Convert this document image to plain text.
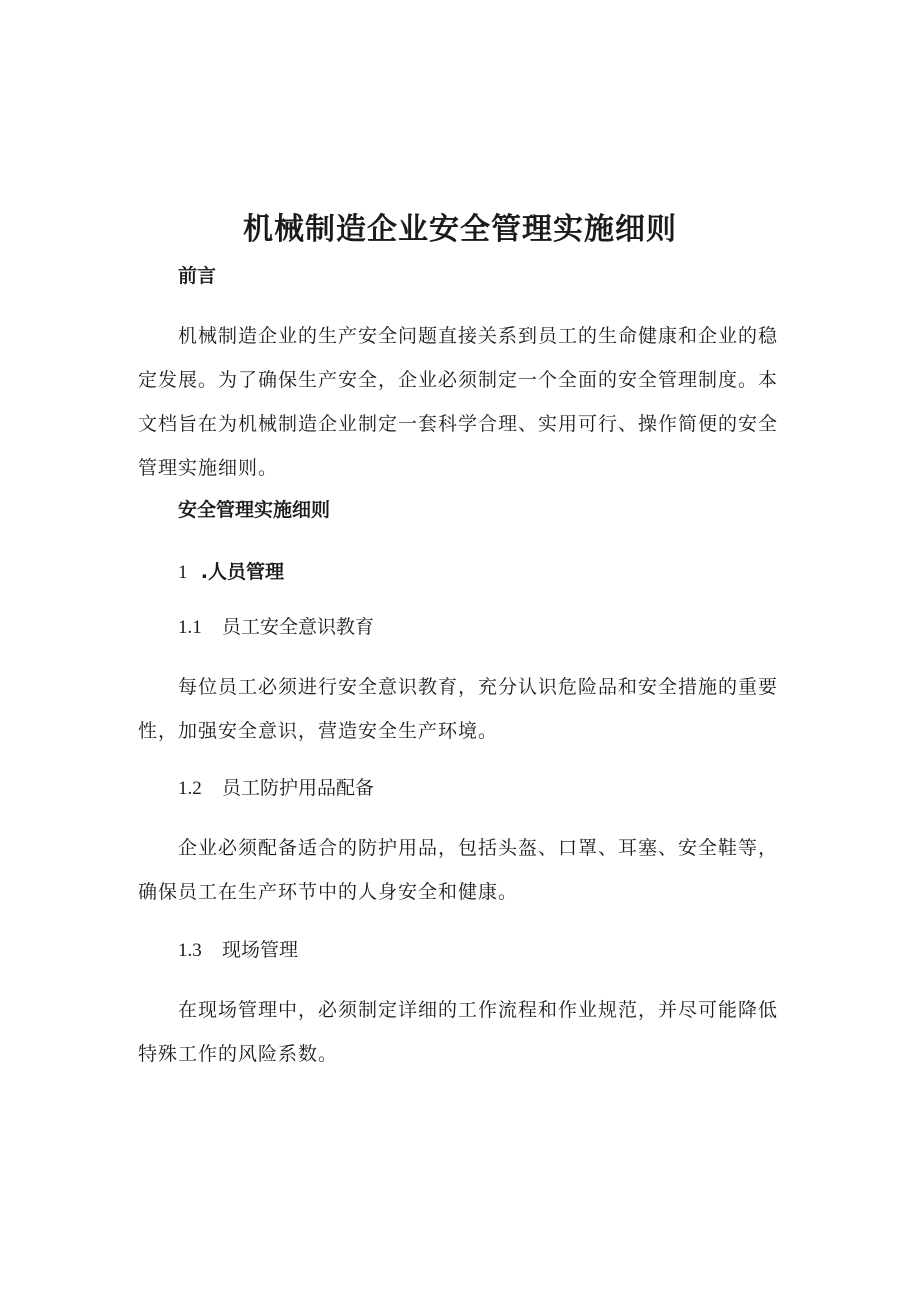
机械制造企业安全管理实施细则
前言
机械制造企业的生产安全问题直接关系到员工的生命健康和企业的稳定发展。为了确保生产安全，企业必须制定一个全面的安全管理制度。本文档旨在为机械制造企业制定一套科学合理、实用可行、操作简便的安全管理实施细则。
安全管理实施细则
1 .人员管理
1.1 员工安全意识教育
每位员工必须进行安全意识教育，充分认识危险品和安全措施的重要性，加强安全意识，营造安全生产环境。
1.2 员工防护用品配备
企业必须配备适合的防护用品，包括头盔、口罩、耳塞、安全鞋等，确保员工在生产环节中的人身安全和健康。
1.3 现场管理
在现场管理中，必须制定详细的工作流程和作业规范，并尽可能降低特殊工作的风险系数。
